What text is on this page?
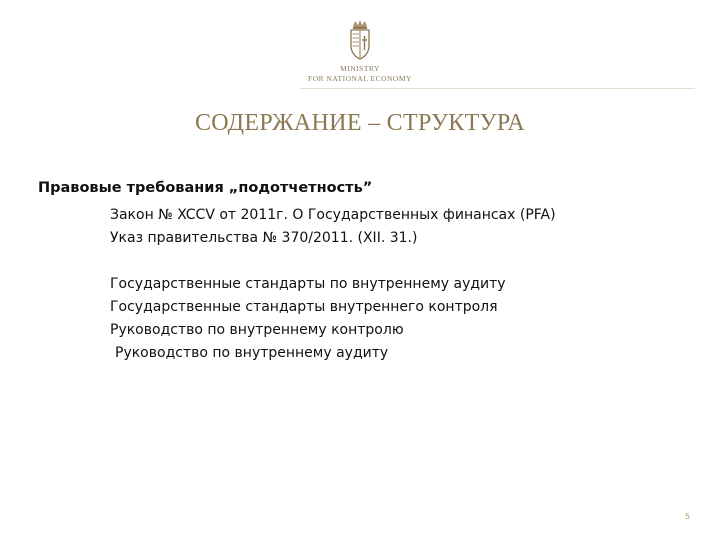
MINISTRY
FOR NATIONAL ECONOMY
СОДЕРЖАНИЕ – СТРУКТУРА
Правовые требования „подотчетность”
Закон № XCCV от 2011г. О Государственных финансах (PFA)
Указ правительства № 370/2011. (XII. 31.)
Государственные стандарты по внутреннему аудиту
Государственные стандарты внутреннего контроля
Руководство по внутреннему контролю
Руководство по внутреннему аудиту
5
